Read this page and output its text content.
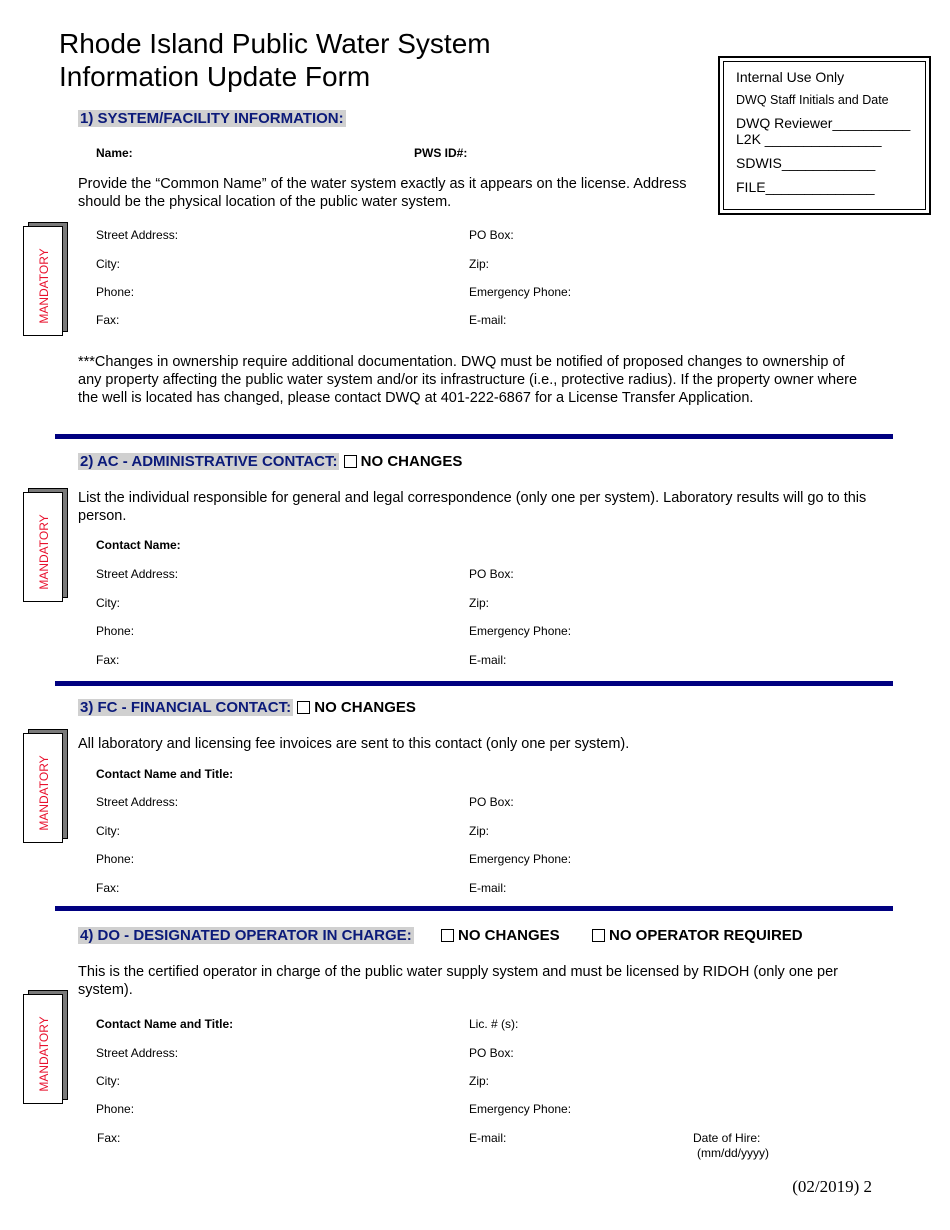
Rhode Island Public Water System
Information Update Form	Internal Use Only
DWQ Staff Initials and Date
DWQ Reviewer__________
L2K _______________
SDWIS____________
FILE______________
1) SYSTEM/FACILITY INFORMATION:
Name:	PWS ID#:
Provide the “Common Name” of the water system exactly as it appears on the license. Address should be the physical location of the public water system.
MANDATORY
Street Address:	PO Box:
City:	Zip:
Phone:	Emergency Phone:
Fax:	E-mail:
***Changes in ownership require additional documentation. DWQ must be notified of proposed changes to ownership of any property affecting the public water system and/or its infrastructure (i.e., protective radius). If the property owner where the well is located has changed, please contact DWQ at 401-222-6867 for a License Transfer Application.
2) AC - ADMINISTRATIVE CONTACT: NO CHANGES
List the individual responsible for general and legal correspondence (only one per system). Laboratory results will go to this person.
MANDATORY	Contact Name:
Street Address:	PO Box:
City:	Zip:
Phone:	Emergency Phone:
Fax:	E-mail:
3) FC - FINANCIAL CONTACT: NO CHANGES
All laboratory and licensing fee invoices are sent to this contact (only one per system).
MANDATORY	Contact Name and Title:
Street Address:	PO Box:
City:	Zip:
Phone:	Emergency Phone:
Fax:	E-mail:
4) DO - DESIGNATED OPERATOR IN CHARGE:	NO CHANGES	NO OPERATOR REQUIRED
This is the certified operator in charge of the public water supply system and must be licensed by RIDOH (only one per system).
MANDATORY	Contact Name and Title:	Lic. # (s):
Street Address:	PO Box:
City:	Zip:
Phone:	Emergency Phone:
Fax:	E-mail:	Date of Hire:
(mm/dd/yyyy)
(02/2019) 2
